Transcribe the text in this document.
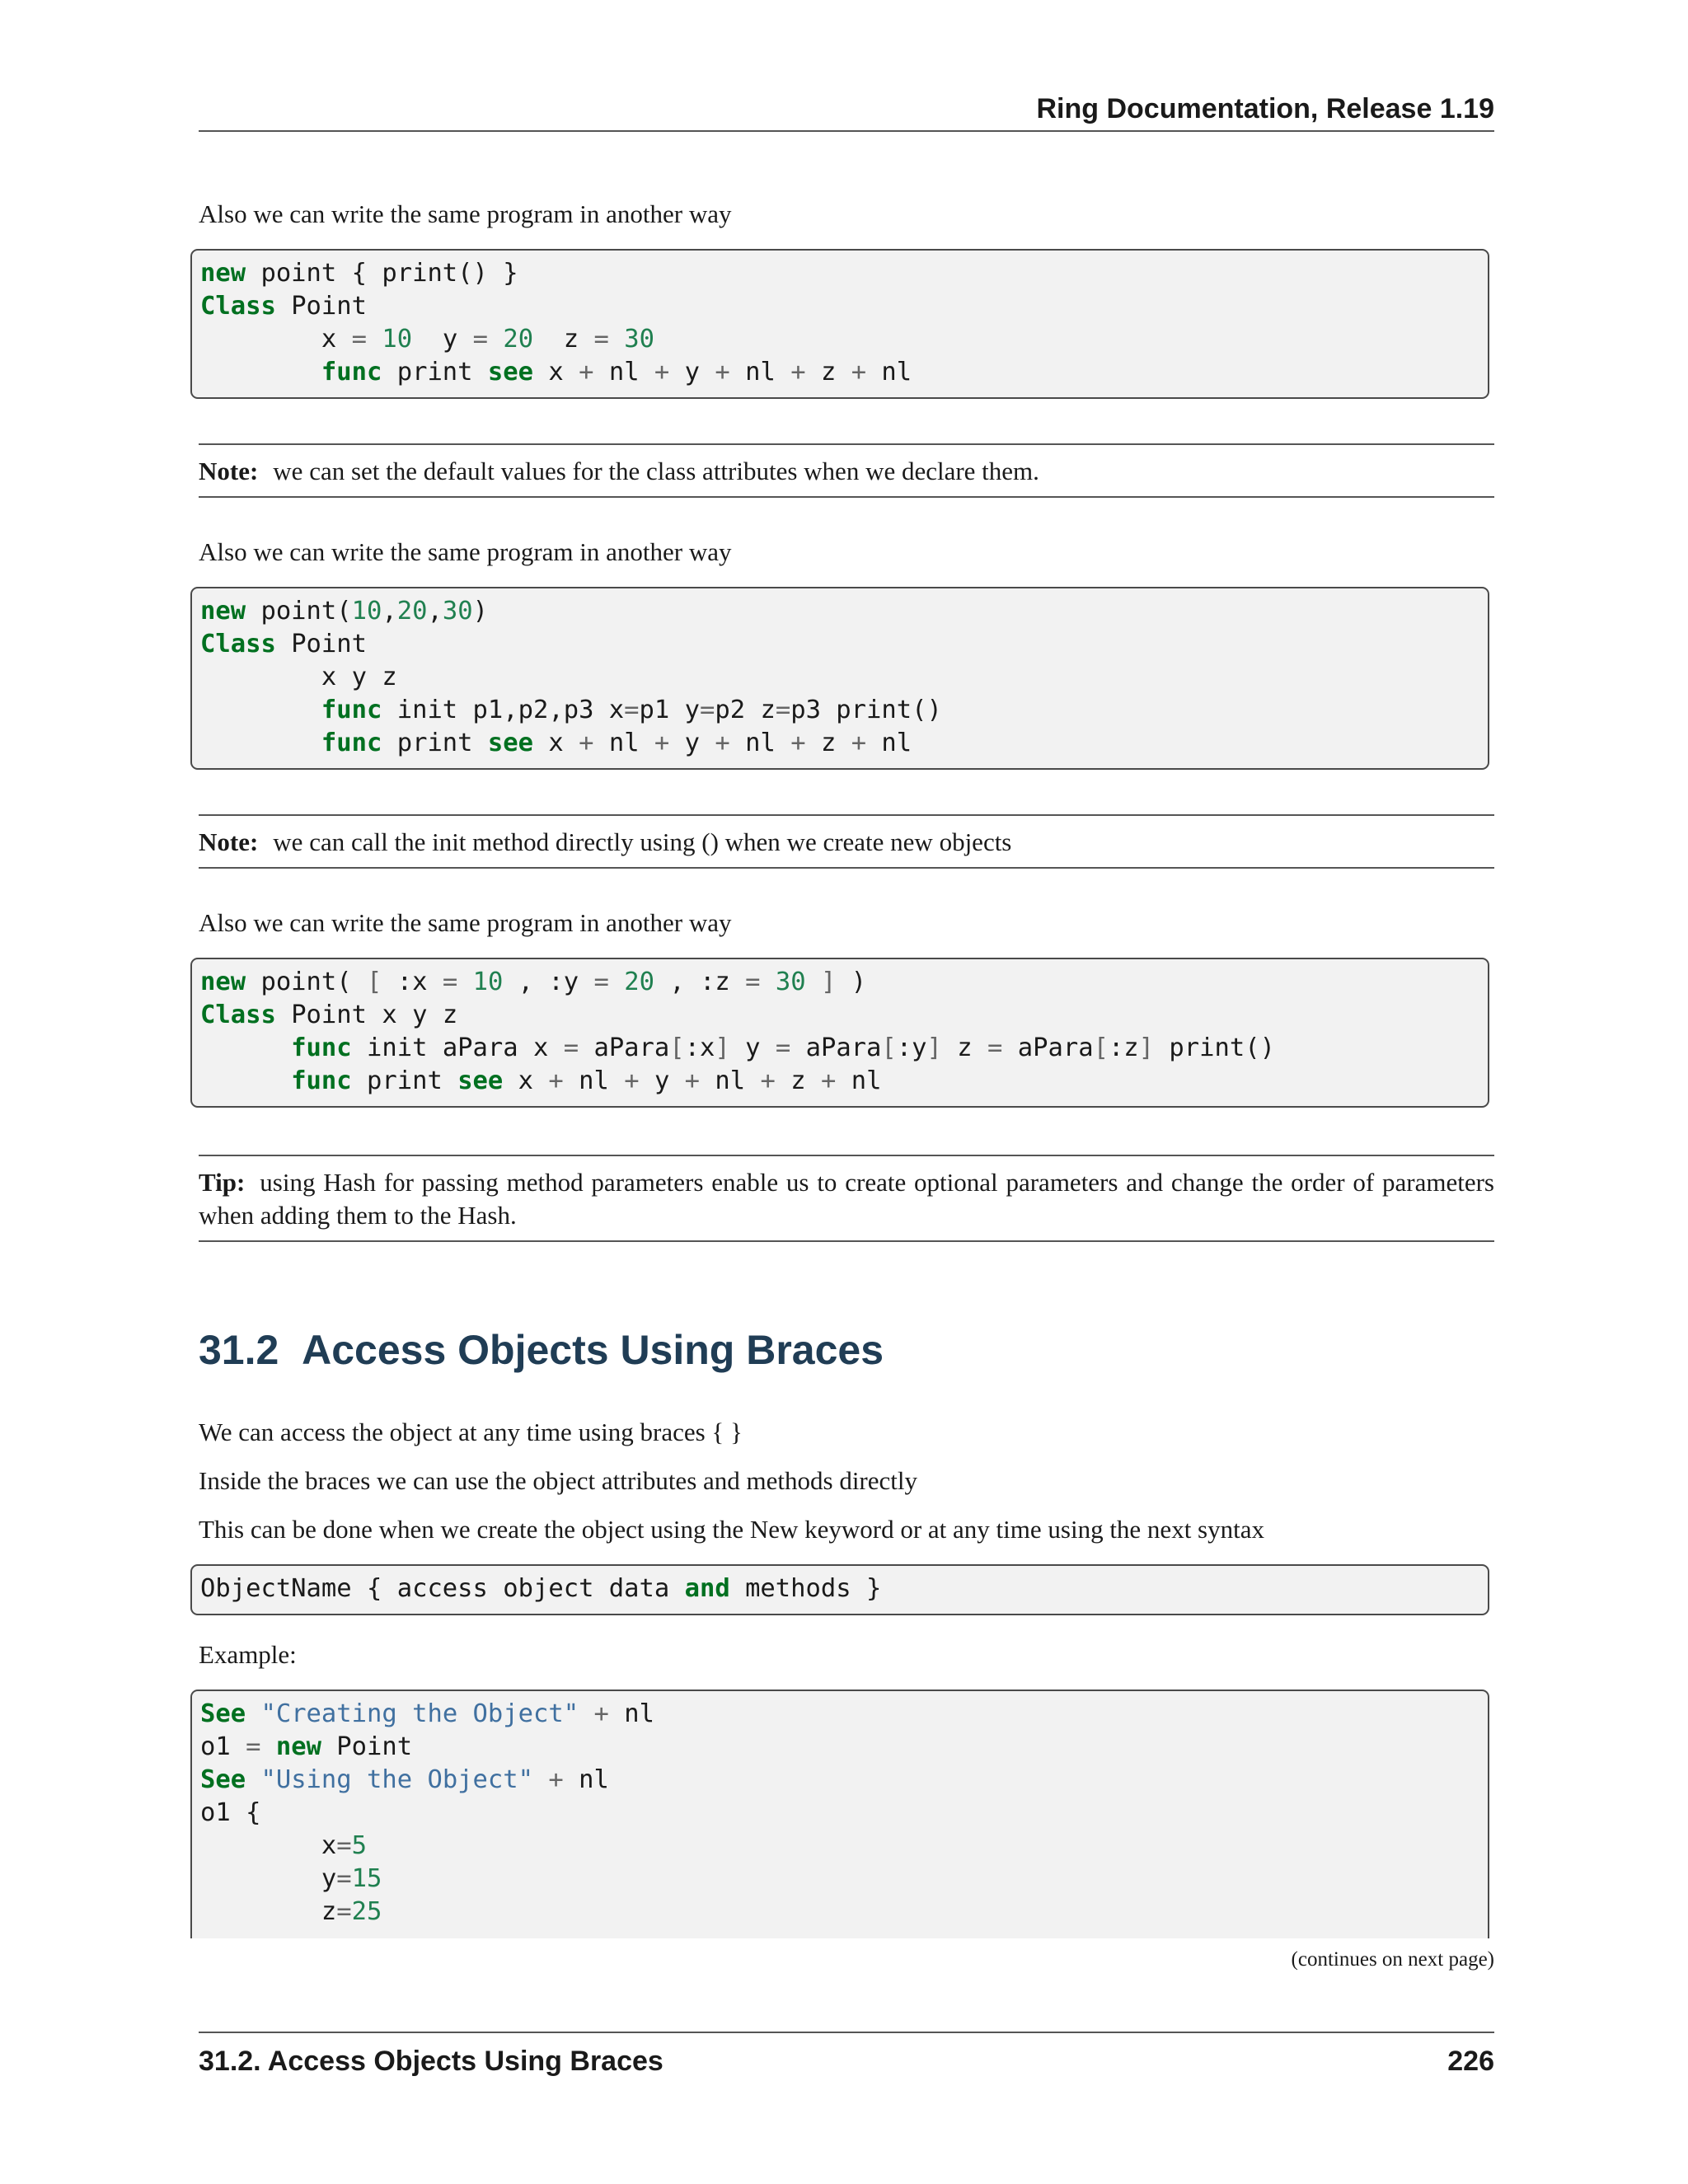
Ring Documentation, Release 1.19

Also we can write the same program in another way

new point { print() }
Class Point
x = 10  y = 20  z = 30
func print see x + nl + y + nl + z + nl
Note: we can set the default values for the class attributes when we declare them.

Also we can write the same program in another way

new point(10,20,30)
Class Point
x y z
func init p1,p2,p3 x=p1 y=p2 z=p3 print()
func print see x + nl + y + nl + z + nl
Note: we can call the init method directly using () when we create new objects

Also we can write the same program in another way

new point( [ :x = 10 , :y = 20 , :z = 30 ] )
Class Point x y z
func init aPara x = aPara[:x] y = aPara[:y] z = aPara[:z] print()
func print see x + nl + y + nl + z + nl
Tip: using Hash for passing method parameters enable us to create optional parameters and change the order of parameters when adding them to the Hash.
31.2 Access Objects Using Braces

We can access the object at any time using braces { }

Inside the braces we can use the object attributes and methods directly

This can be done when we create the object using the New keyword or at any time using the next syntax

ObjectName { access object data and methods }

Example:

See "Creating the Object" + nl
o1 = new Point
See "Using the Object" + nl
o1 {
x=5
y=15
z=25
(continues on next page)
31.2. Access Objects Using Braces	226
